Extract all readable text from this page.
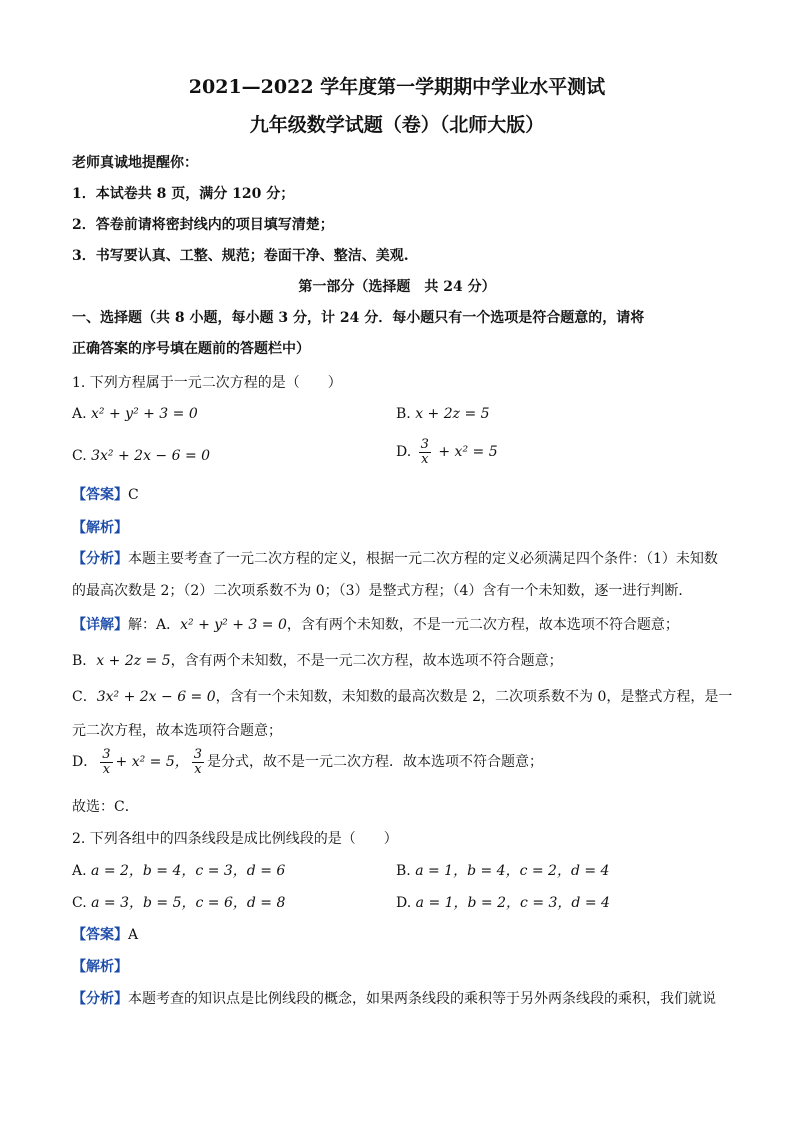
2021—2022 学年度第一学期期中学业水平测试
九年级数学试题（卷）（北师大版）
老师真诚地提醒你：
1．本试卷共 8 页，满分 120 分；
2．答卷前请将密封线内的项目填写清楚；
3．书写要认真、工整、规范；卷面干净、整洁、美观.
第一部分（选择题　共 24 分）
一、选择题（共 8 小题，每小题 3 分，计 24 分．每小题只有一个选项是符合题意的，请将
正确答案的序号填在题前的答题栏中）
1. 下列方程属于一元二次方程的是（　　）
A. x² + y² + 3 = 0	B. x + 2z = 5
C. 3x² + 2x − 6 = 0	D. $\frac{3}{x} + x^2 = 5$
【答案】C
【解析】
【分析】本题主要考查了一元二次方程的定义，根据一元二次方程的定义必须满足四个条件：（1）未知数
的最高次数是 2；（2）二次项系数不为 0；（3）是整式方程；（4）含有一个未知数，逐一进行判断．
【详解】解：A．x² + y² + 3 = 0，含有两个未知数，不是一元二次方程，故本选项不符合题意；
B．x + 2z = 5，含有两个未知数，不是一元二次方程，故本选项不符合题意；
C．3x² + 2x − 6 = 0，含有一个未知数，未知数的最高次数是 2，二次项系数不为 0，是整式方程，是一
元二次方程，故本选项符合题意；
D． $\frac{3}{x} + x^2 = 5$， $\frac{3}{x}$ 是分式，故不是一元二次方程．故本选项不符合题意；
故选：C．
2. 下列各组中的四条线段是成比例线段的是（　　）
A. a = 2，b = 4，c = 3，d = 6	B. a = 1，b = 4，c = 2，d = 4
C. a = 3，b = 5，c = 6，d = 8	D. a = 1，b = 2，c = 3，d = 4
【答案】A
【解析】
【分析】本题考查的知识点是比例线段的概念，如果两条线段的乘积等于另外两条线段的乘积，我们就说
